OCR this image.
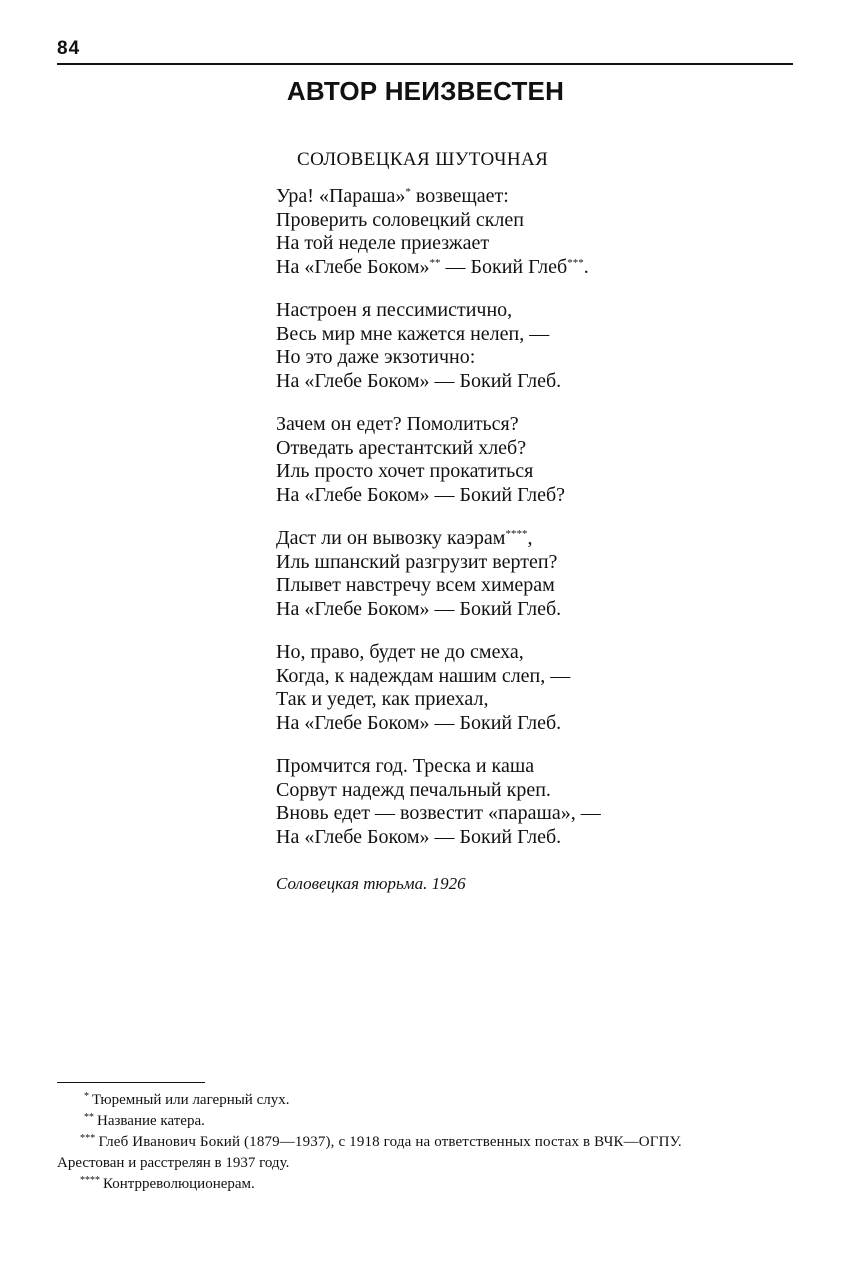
84
АВТОР НЕИЗВЕСТЕН
СОЛОВЕЦКАЯ ШУТОЧНАЯ
Ура! «Параша»* возвещает:
Проверить соловецкий склеп
На той неделе приезжает
На «Глебе Боком»** — Бокий Глеб***.
Настроен я пессимистично,
Весь мир мне кажется нелеп, —
Но это даже экзотично:
На «Глебе Боком» — Бокий Глеб.
Зачем он едет? Помолиться?
Отведать арестантский хлеб?
Иль просто хочет прокатиться
На «Глебе Боком» — Бокий Глеб?
Даст ли он вывозку каэрам****,
Иль шпанский разгрузит вертеп?
Плывет навстречу всем химерам
На «Глебе Боком» — Бокий Глеб.
Но, право, будет не до смеха,
Когда, к надеждам нашим слеп, —
Так и уедет, как приехал,
На «Глебе Боком» — Бокий Глеб.
Промчится год. Треска и каша
Сорвут надежд печальный креп.
Вновь едет — возвестит «параша», —
На «Глебе Боком» — Бокий Глеб.
Соловецкая тюрьма. 1926
* Тюремный или лагерный слух.
** Название катера.
*** Глеб Иванович Бокий (1879—1937), с 1918 года на ответственных постах в ВЧК—ОГПУ.
Арестован и расстрелян в 1937 году.
**** Контрреволюционерам.
